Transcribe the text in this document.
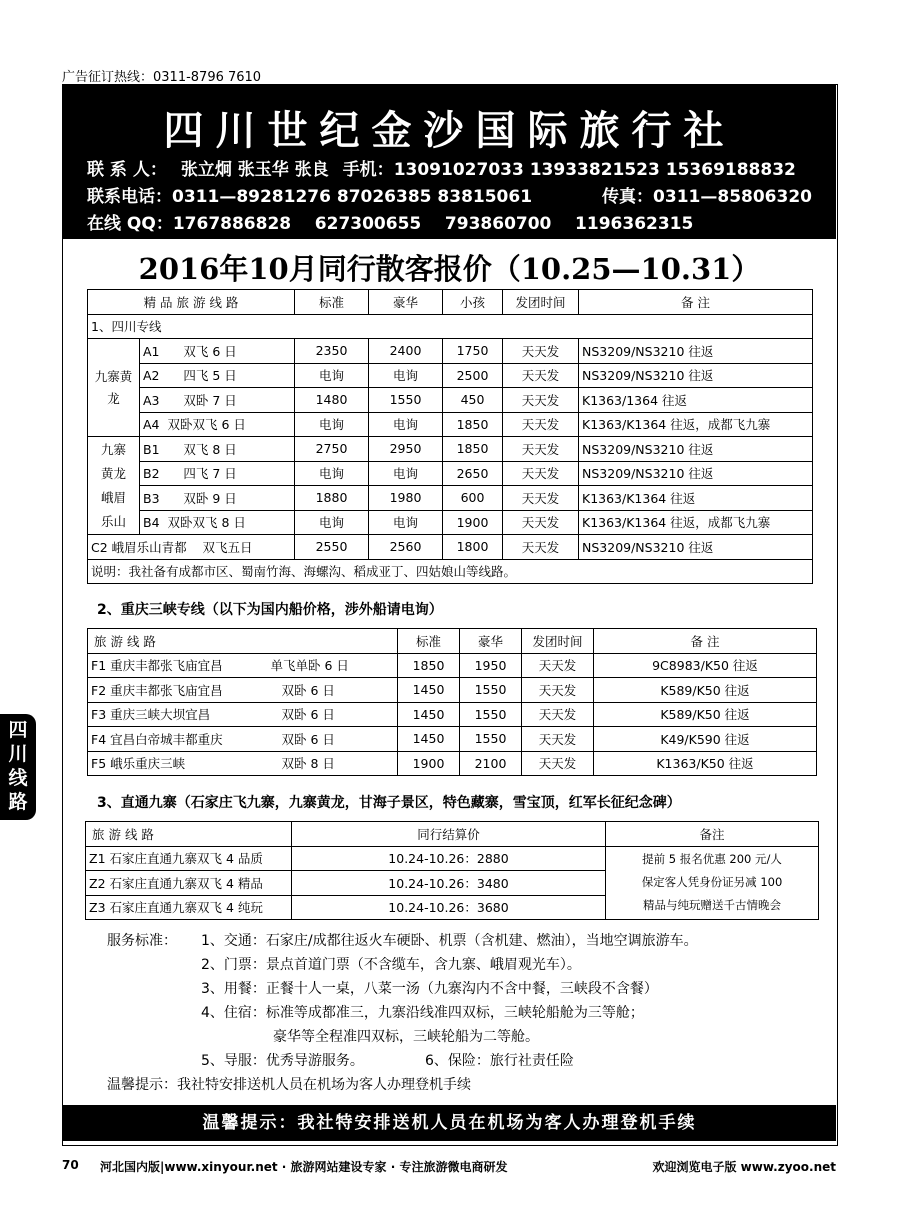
广告征订热线：0311-8796 7610
四川世纪金沙国际旅行社
联 系 人： 张立炯 张玉华 张良 手机：13091027033 13933821523 15369188832
联系电话：0311—89281276 87026385 83815061	传真：0311—85806320
在线 QQ：1767886828    627300655    793860700    1196362315
2016年10月同行散客报价（10.25—10.31）
精 品 旅 游 线 路		标准	豪华	小孩	发团时间	备 注
1、四川专线						
九寨黄龙	A1 双飞 6 日	2350	2400	1750	天天发	NS3209/NS3210 往返
	A2 四飞 5 日	电询	电询	2500	天天发	NS3209/NS3210 往返
	A3 双卧 7 日	1480	1550	450	天天发	K1363/1364 往返
	A4 双卧双飞 6 日	电询	电询	1850	天天发	K1363/K1364 往返，成都飞九寨
九寨黄龙峨眉乐山	B1 双飞 8 日	2750	2950	1850	天天发	NS3209/NS3210 往返
	B2 四飞 7 日	电询	电询	2650	天天发	NS3209/NS3210 往返
	B3 双卧 9 日	1880	1980	600	天天发	K1363/K1364 往返
	B4 双卧双飞 8 日	电询	电询	1900	天天发	K1363/K1364 往返，成都飞九寨
C2 峨眉乐山青都    双飞五日		2550	2560	1800	天天发	NS3209/NS3210 往返
说明：我社备有成都市区、蜀南竹海、海螺沟、稻成亚丁、四姑娘山等线路。						
2、重庆三峡专线（以下为国内船价格，涉外船请电询）
旅 游 线 路		标准	豪华	发团时间	备 注
F1 重庆丰都张飞庙宜昌	单飞单卧 6 日	1850	1950	天天发	9C8983/K50 往返
F2 重庆丰都张飞庙宜昌	双卧 6 日	1450	1550	天天发	K589/K50 往返
F3 重庆三峡大坝宜昌	双卧 6 日	1450	1550	天天发	K589/K50 往返
F4 宜昌白帝城丰都重庆	双卧 6 日	1450	1550	天天发	K49/K590 往返
F5 峨乐重庆三峡	双卧 8 日	1900	2100	天天发	K1363/K50 往返
3、直通九寨（石家庄飞九寨，九寨黄龙，甘海子景区，特色藏寨，雪宝顶，红军长征纪念碑）
旅 游 线 路	同行结算价	备注
Z1 石家庄直通九寨双飞 4 品质	10.24-10.26：2880	提前 5 报名优惠 200 元/人
保定客人凭身份证另减 100
精品与纯玩赠送千古情晚会

Z2 石家庄直通九寨双飞 4 精品	10.24-10.26：3480	
Z3 石家庄直通九寨双飞 4 纯玩	10.24-10.26：3680	
服务标准： 1、交通：石家庄/成都往返火车硬卧、机票（含机建、燃油），当地空调旅游车。
2、门票：景点首道门票（不含缆车，含九寨、峨眉观光车）。
3、用餐：正餐十人一桌，八菜一汤（九寨沟内不含中餐，三峡段不含餐）
4、住宿：标准等成都准三，九寨沿线准四双标，三峡轮船舱为三等舱；
豪华等全程准四双标，三峡轮船为二等舱。
5、导服：优秀导游服务。	6、保险：旅行社责任险
温馨提示：我社特安排送机人员在机场为客人办理登机手续
温馨提示：我社特安排送机人员在机场为客人办理登机手续
四
川
线
路
70 河北国内版|www.xinyour.net · 旅游网站建设专家 · 专注旅游微电商研发	欢迎浏览电子版 www.zyoo.net
